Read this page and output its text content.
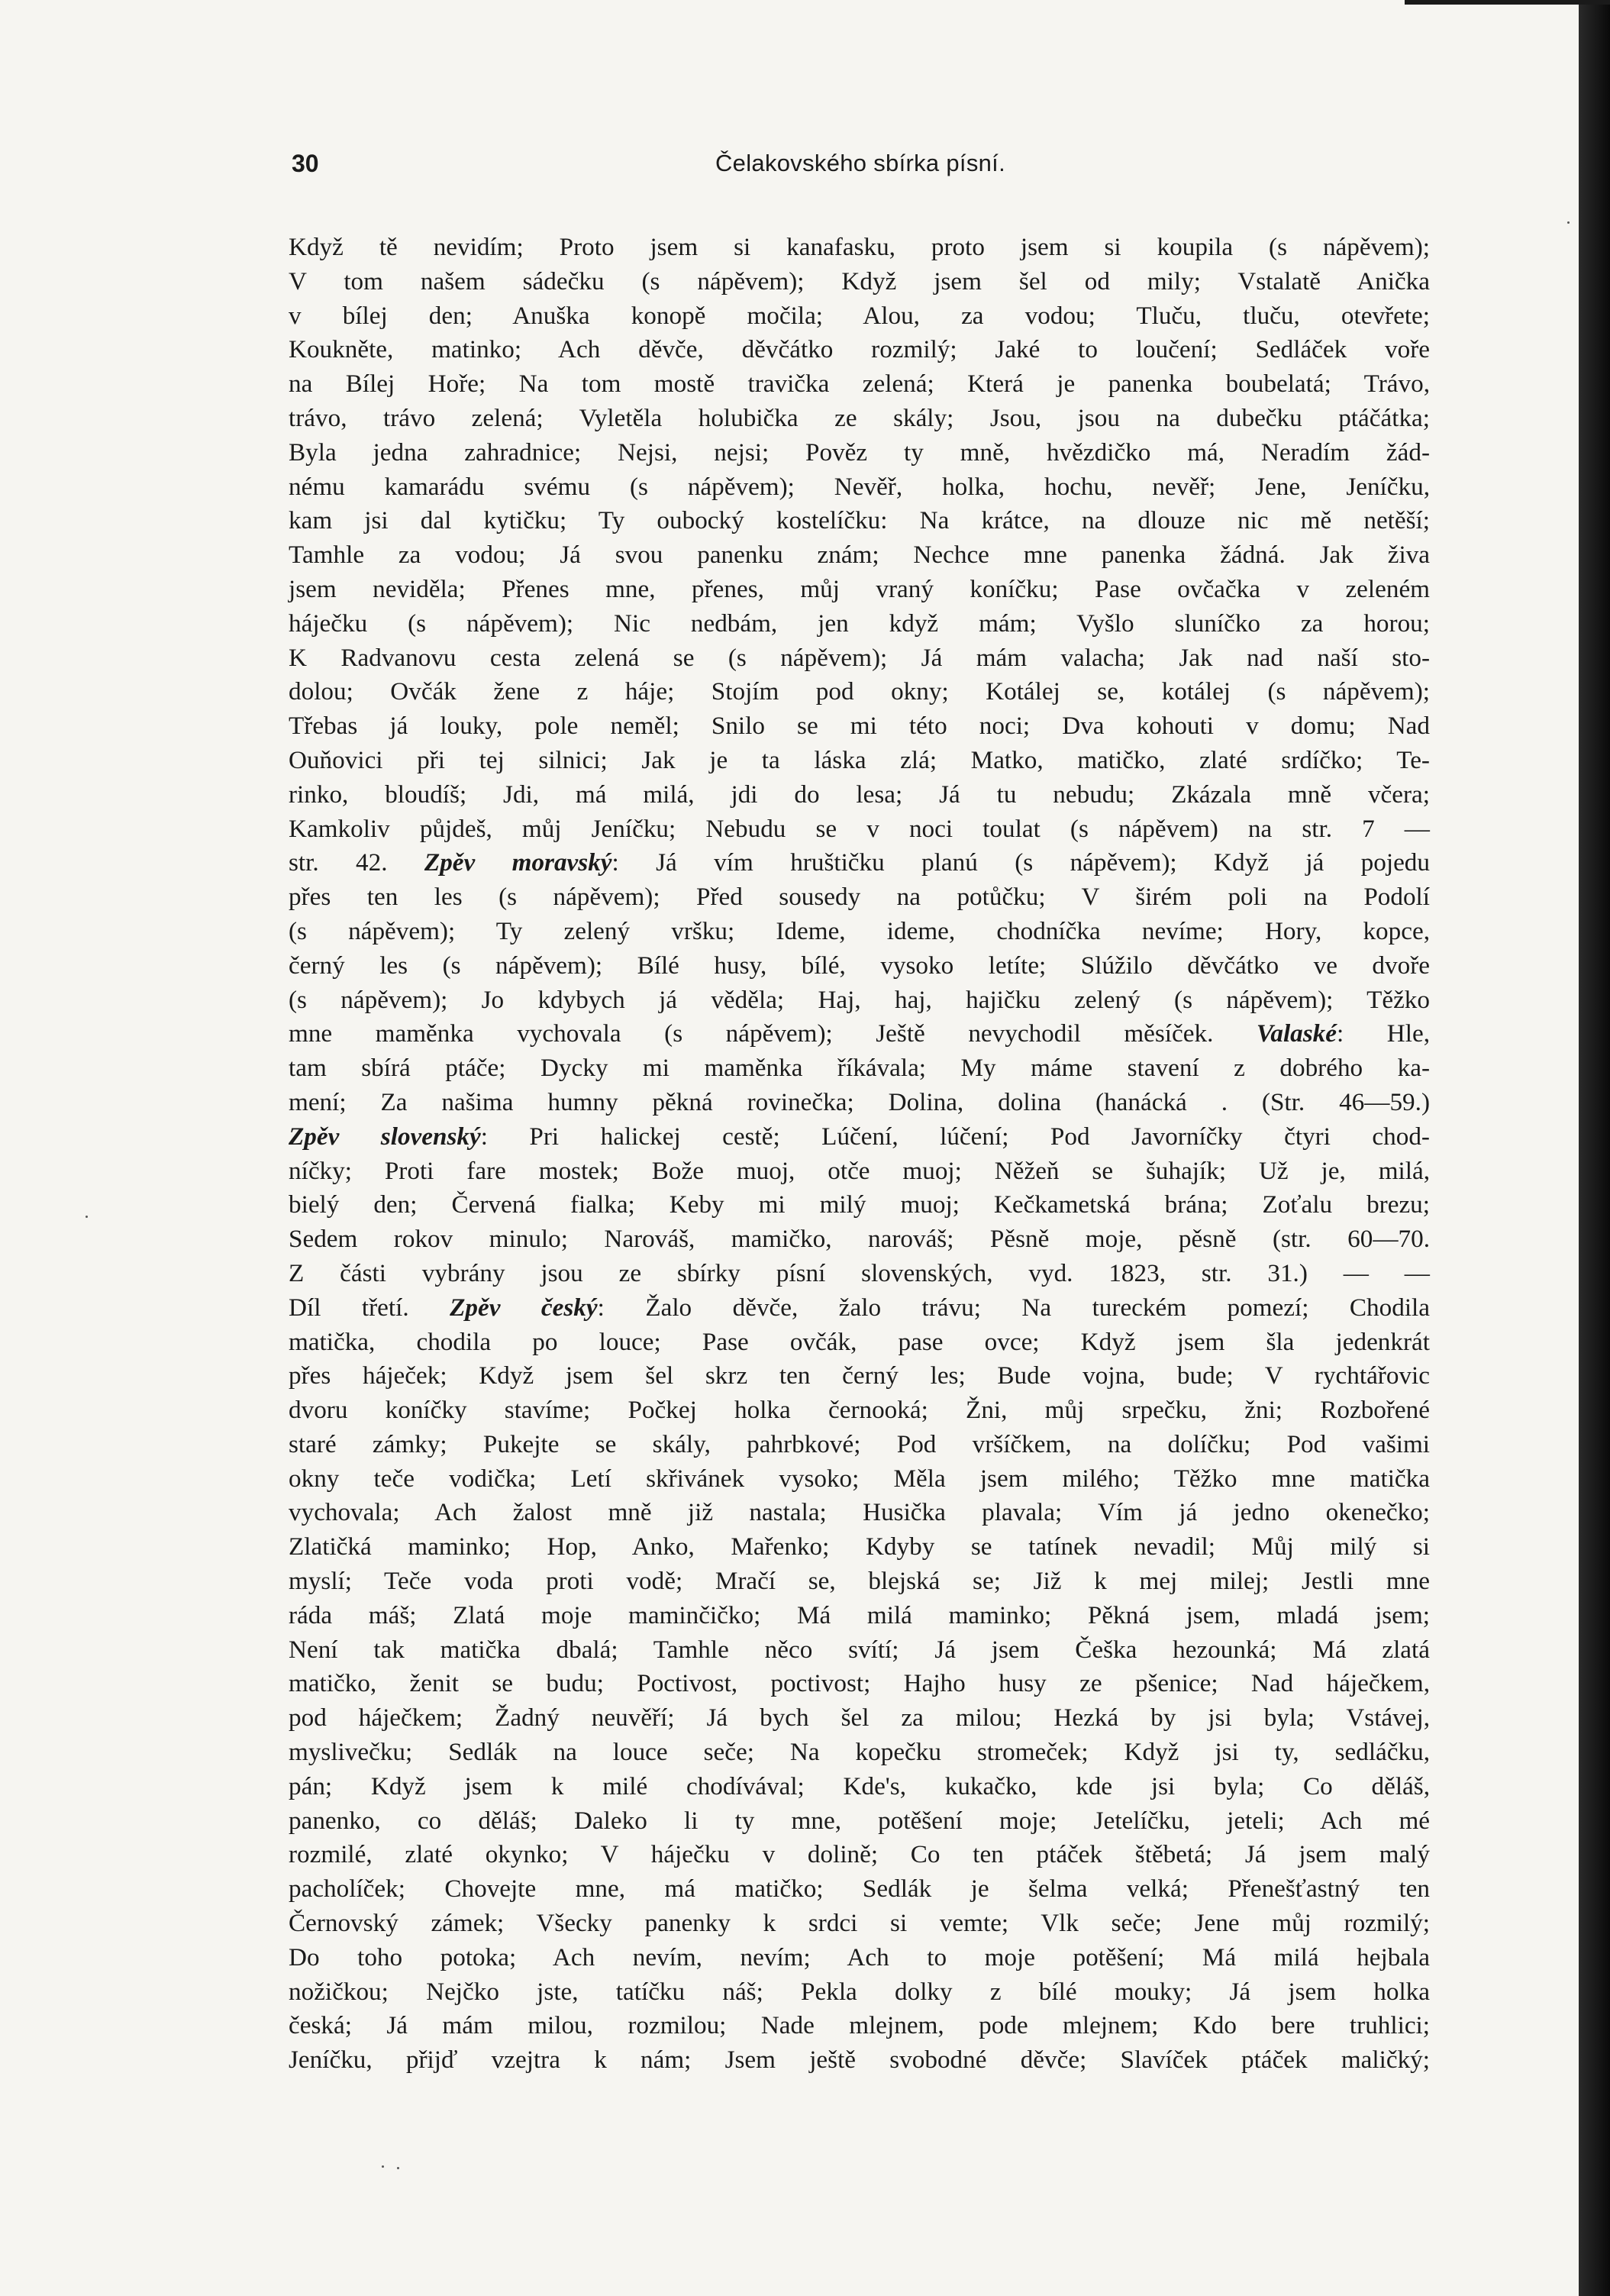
30	Čelakovského sbírka písní.
Když tě nevidím; Proto jsem si kanafasku, proto jsem si koupila (s nápěvem);
V tom našem sádečku (s nápěvem); Když jsem šel od mily; Vstalatě Anička
v bílej den; Anuška konopě močila; Alou, za vodou; Tluču, tluču, otevřete;
Koukněte, matinko; Ach děvče, děvčátko rozmilý; Jaké to loučení; Sedláček voře
na Bílej Hoře; Na tom mostě travička zelená; Která je panenka boubelatá; Trávo,
trávo, trávo zelená; Vyletěla holubička ze skály; Jsou, jsou na dubečku ptáčátka;
Byla jedna zahradnice; Nejsi, nejsi; Pověz ty mně, hvězdičko má, Neradím žád-
nému kamarádu svému (s nápěvem); Nevěř, holka, hochu, nevěř; Jene, Jeníčku,
kam jsi dal kytičku; Ty oubocký kostelíčku: Na krátce, na dlouze nic mě netěší;
Tamhle za vodou; Já svou panenku znám; Nechce mne panenka žádná. Jak živa
jsem neviděla; Přenes mne, přenes, můj vraný koníčku; Pase ovčačka v zeleném
háječku (s nápěvem); Nic nedbám, jen když mám; Vyšlo sluníčko za horou;
K Radvanovu cesta zelená se (s nápěvem); Já mám valacha; Jak nad naší sto-
dolou; Ovčák žene z háje; Stojím pod okny; Kotálej se, kotálej (s nápěvem);
Třebas já louky, pole neměl; Snilo se mi této noci; Dva kohouti v domu; Nad
Ouňovici při tej silnici; Jak je ta láska zlá; Matko, matičko, zlaté srdíčko; Te-
rinko, bloudíš; Jdi, má milá, jdi do lesa; Já tu nebudu; Zkázala mně včera;
Kamkoliv půjdeš, můj Jeníčku; Nebudu se v noci toulat (s nápěvem) na str. 7 —
str. 42. Zpěv moravský: Já vím hruštičku planú (s nápěvem); Když já pojedu
přes ten les (s nápěvem); Před sousedy na potůčku; V širém poli na Podolí
(s nápěvem); Ty zelený vršku; Ideme, ideme, chodníčka nevíme; Hory, kopce,
černý les (s nápěvem); Bílé husy, bílé, vysoko letíte; Slúžilo děvčátko ve dvoře
(s nápěvem); Jo kdybych já věděla; Haj, haj, hajičku zelený (s nápěvem); Těžko
mne maměnka vychovala (s nápěvem); Ještě nevychodil měsíček. Valaské: Hle,
tam sbírá ptáče; Dycky mi maměnka říkávala; My máme stavení z dobrého ka-
mení; Za našima humny pěkná rovinečka; Dolina, dolina (hanácká . (Str. 46—59.)
Zpěv slovenský: Pri halickej cestě; Lúčení, lúčení; Pod Javorníčky čtyri chod-
níčky; Proti fare mostek; Bože muoj, otče muoj; Něžeň se šuhajík; Už je, milá,
bielý den; Červená fialka; Keby mi milý muoj; Kečkametská brána; Zoťalu brezu;
Sedem rokov minulo; Narováš, mamičko, narováš; Pěsně moje, pěsně (str. 60—70.
Z části vybrány jsou ze sbírky písní slovenských, vyd. 1823, str. 31.) — —
Díl třetí. Zpěv český: Žalo děvče, žalo trávu; Na tureckém pomezí; Chodila
matička, chodila po louce; Pase ovčák, pase ovce; Když jsem šla jedenkrát
přes háječek; Když jsem šel skrz ten černý les; Bude vojna, bude; V rychtářovic
dvoru koníčky stavíme; Počkej holka černooká; Žni, můj srpečku, žni; Rozbořené
staré zámky; Pukejte se skály, pahrbkové; Pod vršíčkem, na dolíčku; Pod vašimi
okny teče vodička; Letí skřivánek vysoko; Měla jsem milého; Těžko mne matička
vychovala; Ach žalost mně již nastala; Husička plavala; Vím já jedno okenečko;
Zlatičká maminko; Hop, Anko, Mařenko; Kdyby se tatínek nevadil; Můj milý si
myslí; Teče voda proti vodě; Mračí se, blejská se; Již k mej milej; Jestli mne
ráda máš; Zlatá moje maminčičko; Má milá maminko; Pěkná jsem, mladá jsem;
Není tak matička dbalá; Tamhle něco svítí; Já jsem Češka hezounká; Má zlatá
matičko, ženit se budu; Poctivost, poctivost; Hajho husy ze pšenice; Nad háječkem,
pod háječkem; Žadný neuvěří; Já bych šel za milou; Hezká by jsi byla; Vstávej,
myslivečku; Sedlák na louce seče; Na kopečku stromeček; Když jsi ty, sedláčku,
pán; Když jsem k milé chodívával; Kde's, kukačko, kde jsi byla; Co děláš,
panenko, co děláš; Daleko li ty mne, potěšení moje; Jetelíčku, jeteli; Ach mé
rozmilé, zlaté okynko; V háječku v dolině; Co ten ptáček štěbetá; Já jsem malý
pacholíček; Chovejte mne, má matičko; Sedlák je šelma velká; Přenešťastný ten
Černovský zámek; Všecky panenky k srdci si vemte; Vlk seče; Jene můj rozmilý;
Do toho potoka; Ach nevím, nevím; Ach to moje potěšení; Má milá hejbala
nožičkou; Nejčko jste, tatíčku náš; Pekla dolky z bílé mouky; Já jsem holka
česká; Já mám milou, rozmilou; Nade mlejnem, pode mlejnem; Kdo bere truhlici;
Jeníčku, přijď vzejtra k nám; Jsem ještě svobodné děvče; Slavíček ptáček maličký;
